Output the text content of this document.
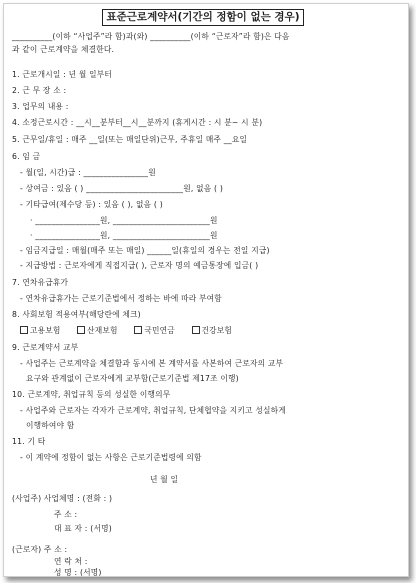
표준근로계약서(기간의 정함이 없는 경우)
__________(이하 “사업주”라 함)과(와) __________(이하 “근로자”라 함)은 다음
과 같이 근로계약을 체결한다.
1. 근로개시일 : 년 월 일부터
2. 근 무 장 소 :
3. 업무의 내용 :
4. 소정근로시간 : __시__분부터__시__분까지 (휴게시간 : 시 분~ 시 분)
5. 근무일/휴일 : 매주 __일(또는 매일단위)근무, 주휴일 매주 __요일
6. 임 금
- 월(일, 시간)급 : ________________원
- 상여금 : 있음 ( ) ________________________원, 없음 ( )
- 기타급여(제수당 등) : 있음 ( ), 없음 ( )
· ________________원, ________________________원
· ________________원, ________________________원
- 임금지급일 : 매월(매주 또는 매일) ______일(휴일의 경우는 전일 지급)
- 지급방법 : 근로자에게 직접지급( ), 근로자 명의 예금통장에 입금( )
7. 연차유급휴가
- 연차유급휴가는 근로기준법에서 정하는 바에 따라 부여함
8. 사회보험 적용여부(해당란에 체크)
고용보험	산재보험	국민연금	건강보험
9. 근로계약서 교부
- 사업주는 근로계약을 체결함과 동시에 본 계약서를 사본하여 근로자의 교부
요구와 관계없이 근로자에게 교부함(근로기준법 제17조 이행)
10. 근로계약, 취업규칙 등의 성실한 이행의무
- 사업주와 근로자는 각자가 근로계약, 취업규칙, 단체협약을 지키고 성실하게
이행하여야 함
11. 기 타
- 이 계약에 정함이 없는 사항은 근로기준법령에 의함
년 월 일
(사업주) 사업체명 : (전화 : )
주 소 :
대 표 자 : (서명)
(근로자) 주 소 :
연 락 처 :
성 명 : (서명)
